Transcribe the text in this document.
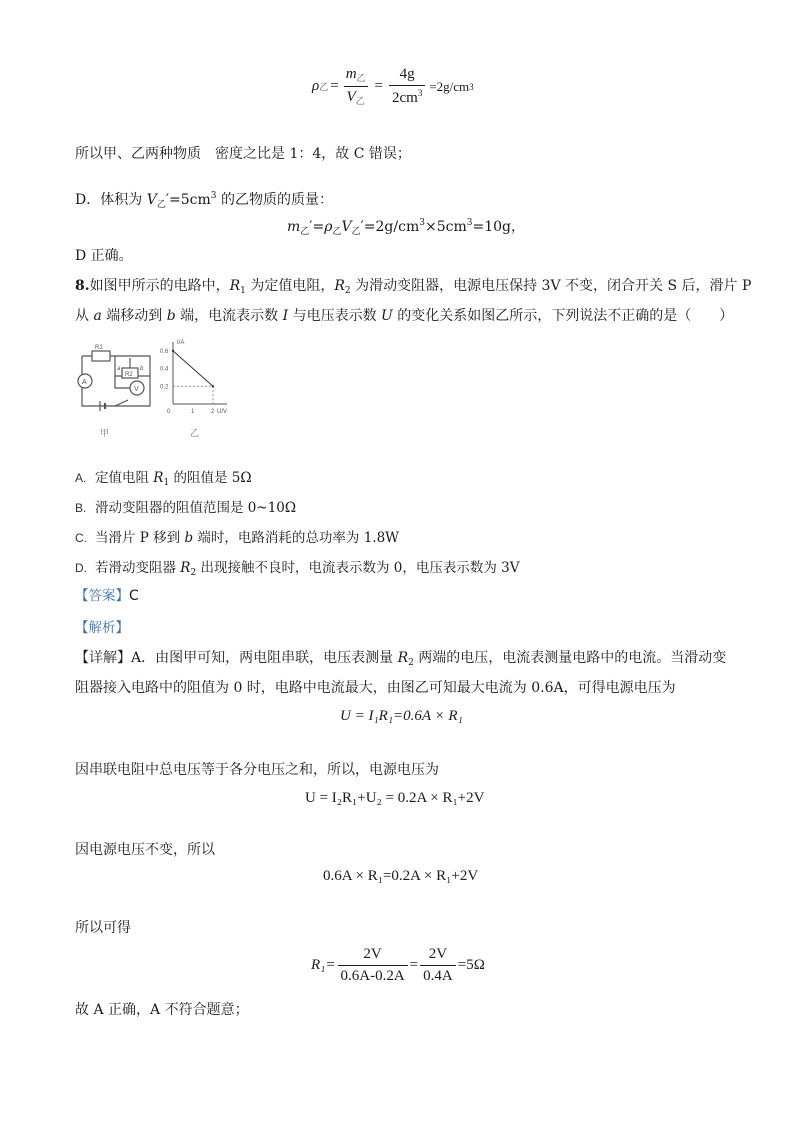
ρ 乙 = $\frac{m_乙}{V_乙} = \frac{4g}{2cm^3} =2g/cm$ 3
所以甲、乙两种物质　密度之比是 1：4，故 C 错误；
D．体积为 $V_乙'=5cm^3$ 的乙物质的质量：
$m_乙'=\rho_乙V_乙'=2g/cm^3\times 5cm^3=10g$，
D 正确。
8.如图甲所示的电路中，$R_1$ 为定值电阻，$R_2$ 为滑动变阻器，电源电压保持 3V 不变，闭合开关 S 后，滑片 P
从 a 端移动到 b 端，电流表示数 I 与电压表示数 U 的变化关系如图乙所示，下列说法不正确的是（　　）
R1
a
R2
b
A
V
甲
I/A
U/V
0.6
0.4
0.2
0	1	2
乙
A. 定值电阻 $R_1$ 的阻值是 5Ω
B. 滑动变阻器的阻值范围是 0~10Ω
C. 当滑片 P 移到 b 端时，电路消耗的总功率为 1.8W
D. 若滑动变阻器 $R_2$ 出现接触不良时，电流表示数为 0，电压表示数为 3V
【答案】C
【解析】
【详解】A．由图甲可知，两电阻串联，电压表测量 $R_2$ 两端的电压，电流表测量电路中的电流。当滑动变
阻器接入电路中的阻值为 0 时，电路中电流最大，由图乙可知最大电流为 0.6A，可得电源电压为
U = I₁R₁=0.6A × R₁
因串联电阻中总电压等于各分电压之和，所以，电源电压为
U = I₂R₁+U₂ = 0.2A × R₁+2V
因电源电压不变，所以
0.6A × R₁=0.2A × R₁+2V
所以可得
$R_1= \frac{2V}{0.6A-0.2A} = \frac{2V}{0.4A} =5\Omega$
故 A 正确，A 不符合题意；
